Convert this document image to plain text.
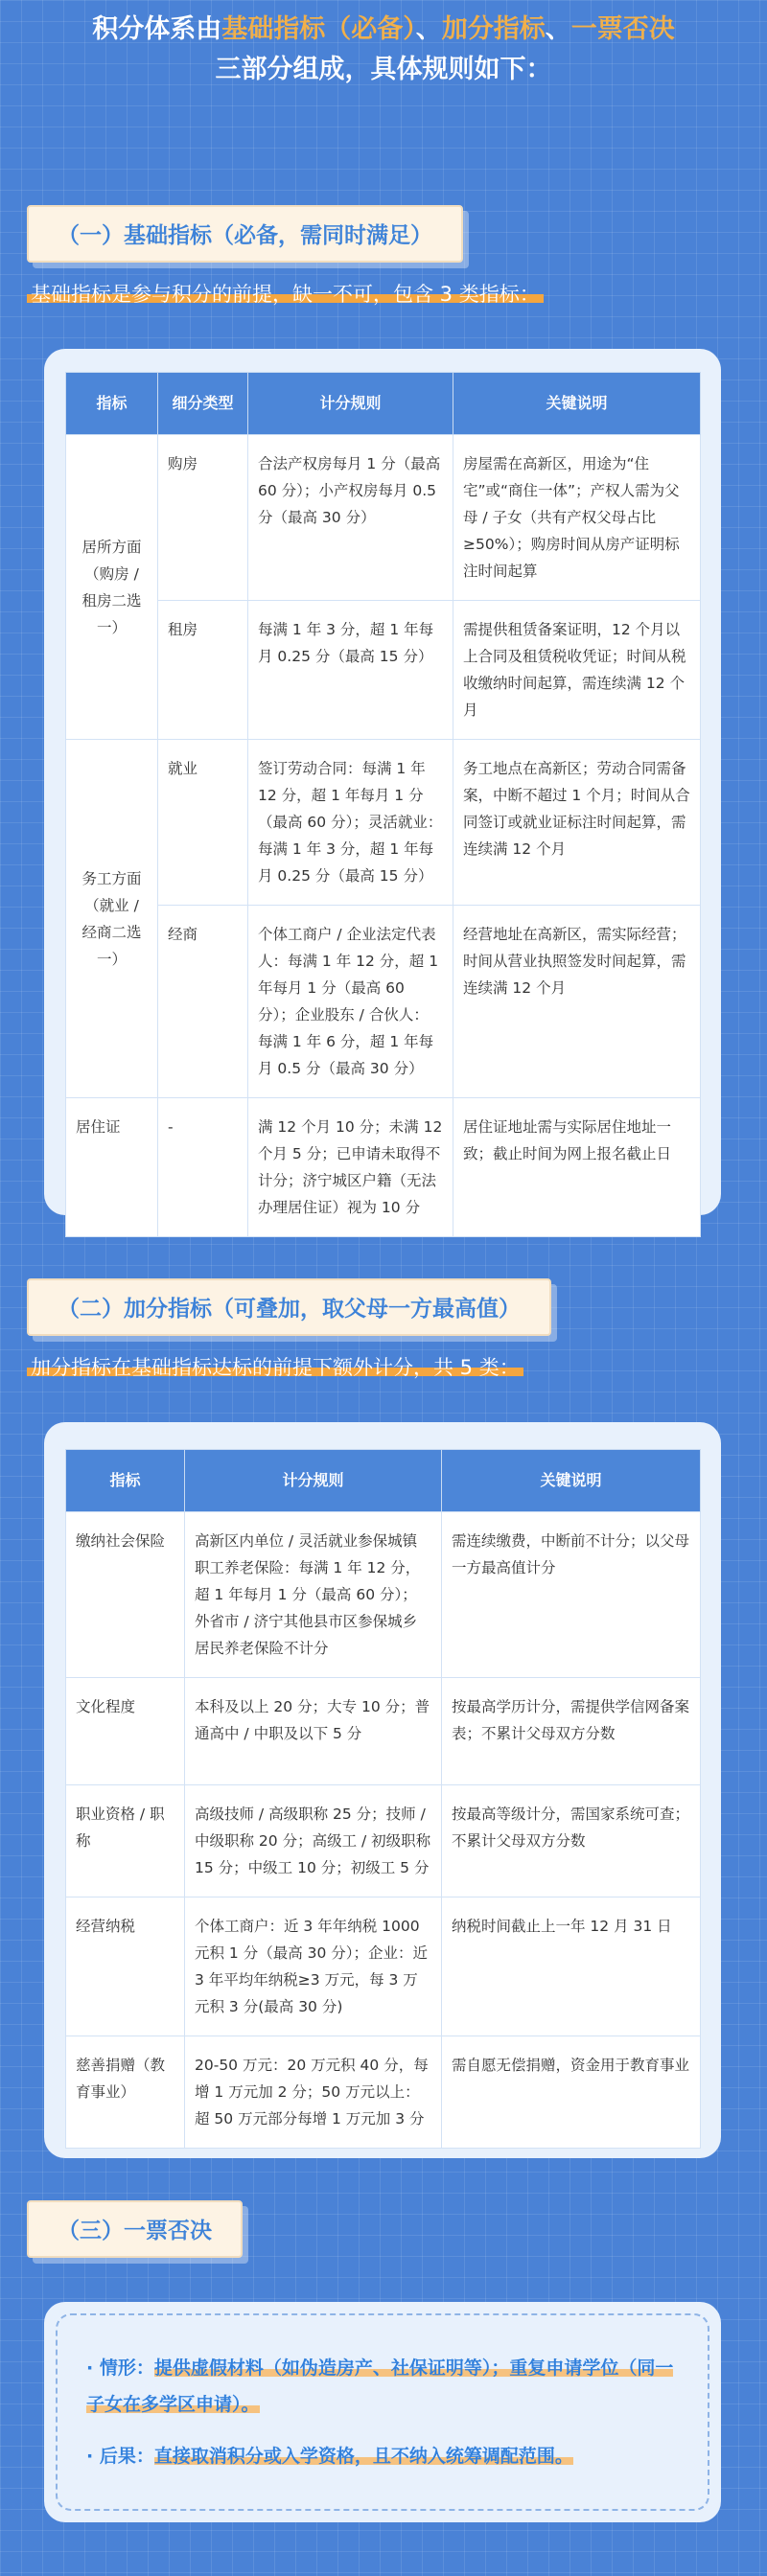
积分体系由基础指标（必备）、加分指标、一票否决
三部分组成，具体规则如下：
（一）基础指标（必备，需同时满足）
基础指标是参与积分的前提，缺一不可，包含 3 类指标：
指标	细分类型	计分规则	关键说明
居所方面（购房 / 租房二选一）	购房	合法产权房每月 1 分（最高 60 分）；小产权房每月 0.5 分（最高 30 分）	房屋需在高新区，用途为“住宅”或“商住一体”；产权人需为父母 / 子女（共有产权父母占比≥50%）；购房时间从房产证明标注时间起算
	租房	每满 1 年 3 分，超 1 年每月 0.25 分（最高 15 分）	需提供租赁备案证明，12 个月以上合同及租赁税收凭证；时间从税收缴纳时间起算，需连续满 12 个月
务工方面（就业 / 经商二选一）	就业	签订劳动合同：每满 1 年 12 分，超 1 年每月 1 分（最高 60 分）；灵活就业：每满 1 年 3 分，超 1 年每月 0.25 分（最高 15 分）	务工地点在高新区；劳动合同需备案，中断不超过 1 个月；时间从合同签订或就业证标注时间起算，需连续满 12 个月
	经商	个体工商户 / 企业法定代表人：每满 1 年 12 分，超 1 年每月 1 分（最高 60 分）；企业股东 / 合伙人：每满 1 年 6 分，超 1 年每月 0.5 分（最高 30 分）	经营地址在高新区，需实际经营；时间从营业执照签发时间起算，需连续满 12 个月
居住证	-	满 12 个月 10 分；未满 12 个月 5 分；已申请未取得不计分；济宁城区户籍（无法办理居住证）视为 10 分	居住证地址需与实际居住地址一致；截止时间为网上报名截止日
（二）加分指标（可叠加，取父母一方最高值）
加分指标在基础指标达标的前提下额外计分，共 5 类：
指标	计分规则	关键说明
缴纳社会保险	高新区内单位 / 灵活就业参保城镇职工养老保险：每满 1 年 12 分，超 1 年每月 1 分（最高 60 分）；外省市 / 济宁其他县市区参保城乡居民养老保险不计分	需连续缴费，中断前不计分；以父母一方最高值计分
文化程度	本科及以上 20 分；大专 10 分；普通高中 / 中职及以下 5 分	按最高学历计分，需提供学信网备案表；不累计父母双方分数
职业资格 / 职称	高级技师 / 高级职称 25 分；技师 / 中级职称 20 分；高级工 / 初级职称 15 分；中级工 10 分；初级工 5 分	按最高等级计分，需国家系统可查；不累计父母双方分数
经营纳税	个体工商户：近 3 年年纳税 1000 元积 1 分（最高 30 分）；企业：近 3 年平均年纳税≥3 万元，每 3 万元积 3 分(最高 30 分)	纳税时间截止上一年 12 月 31 日
慈善捐赠（教育事业）	20-50 万元：20 万元积 40 分，每增 1 万元加 2 分；50 万元以上：超 50 万元部分每增 1 万元加 3 分	需自愿无偿捐赠，资金用于教育事业
（三）一票否决
· 情形：提供虚假材料（如伪造房产、社保证明等）；重复申请学位（同一子女在多学区申请）。
· 后果：直接取消积分或入学资格，且不纳入统筹调配范围。
